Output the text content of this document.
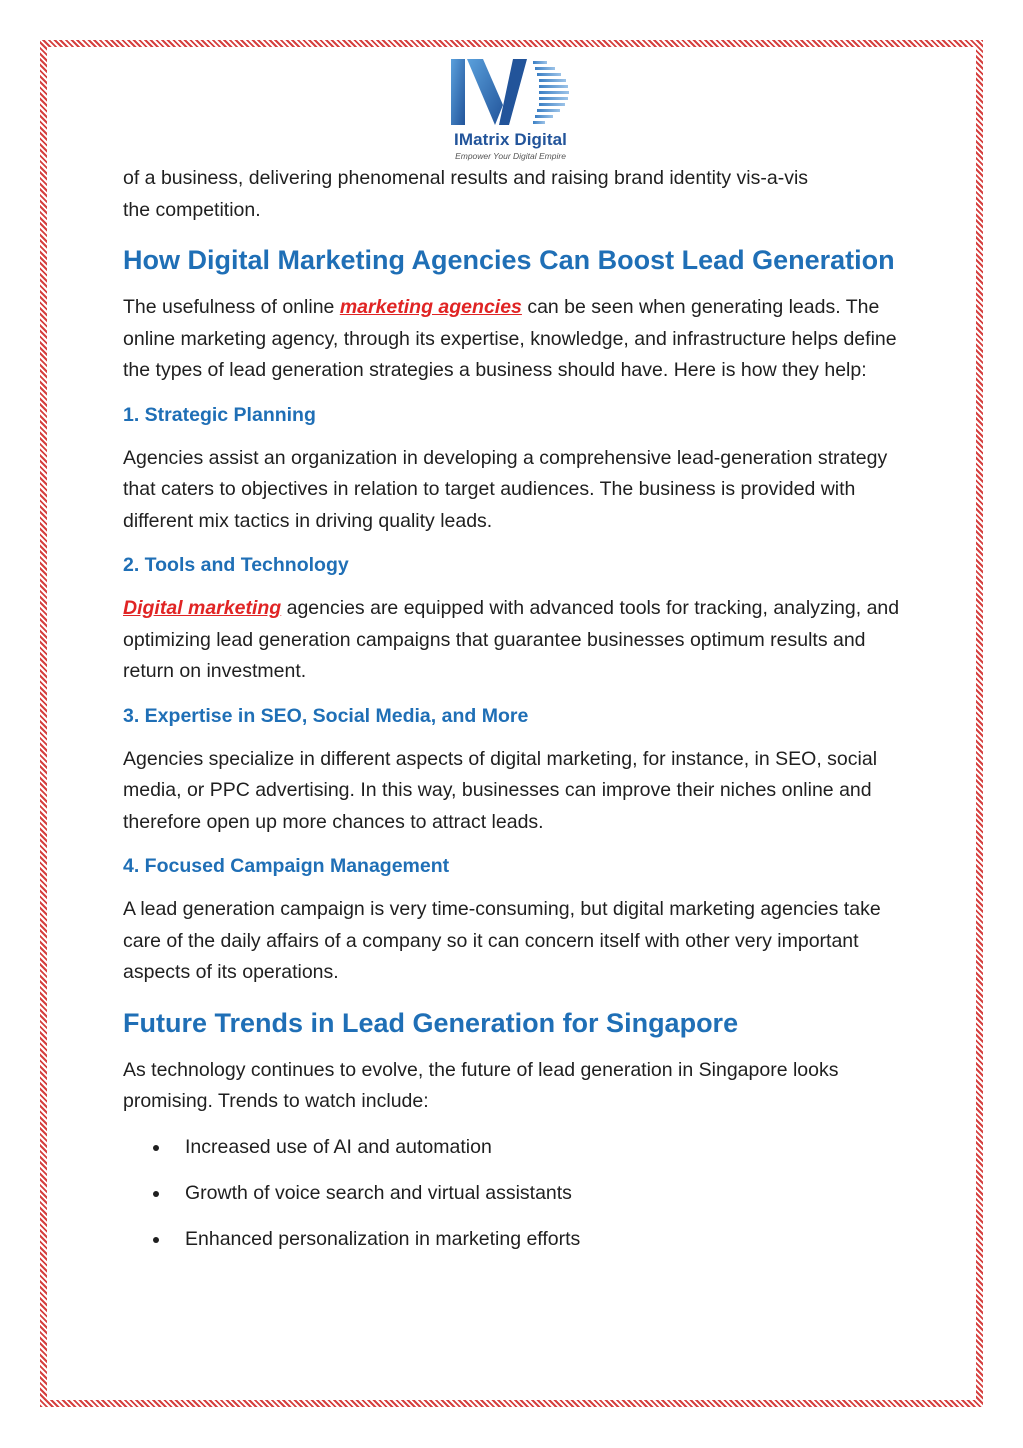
IMatrix Digital
Empower Your Digital Empire

of a business, delivering phenomenal results and raising brand identity vis-a-vis
the competition.

How Digital Marketing Agencies Can Boost Lead Generation

The usefulness of online marketing agencies can be seen when generating leads. The online marketing agency, through its expertise, knowledge, and infrastructure helps define the types of lead generation strategies a business should have. Here is how they help:

1. Strategic Planning

Agencies assist an organization in developing a comprehensive lead-generation strategy that caters to objectives in relation to target audiences. The business is provided with different mix tactics in driving quality leads.

2. Tools and Technology

Digital marketing agencies are equipped with advanced tools for tracking, analyzing, and optimizing lead generation campaigns that guarantee businesses optimum results and return on investment.

3. Expertise in SEO, Social Media, and More

Agencies specialize in different aspects of digital marketing, for instance, in SEO, social media, or PPC advertising. In this way, businesses can improve their niches online and therefore open up more chances to attract leads.

4. Focused Campaign Management

A lead generation campaign is very time-consuming, but digital marketing agencies take care of the daily affairs of a company so it can concern itself with other very important aspects of its operations.

Future Trends in Lead Generation for Singapore

As technology continues to evolve, the future of lead generation in Singapore looks promising. Trends to watch include:

Increased use of AI and automation
Growth of voice search and virtual assistants
Enhanced personalization in marketing efforts
